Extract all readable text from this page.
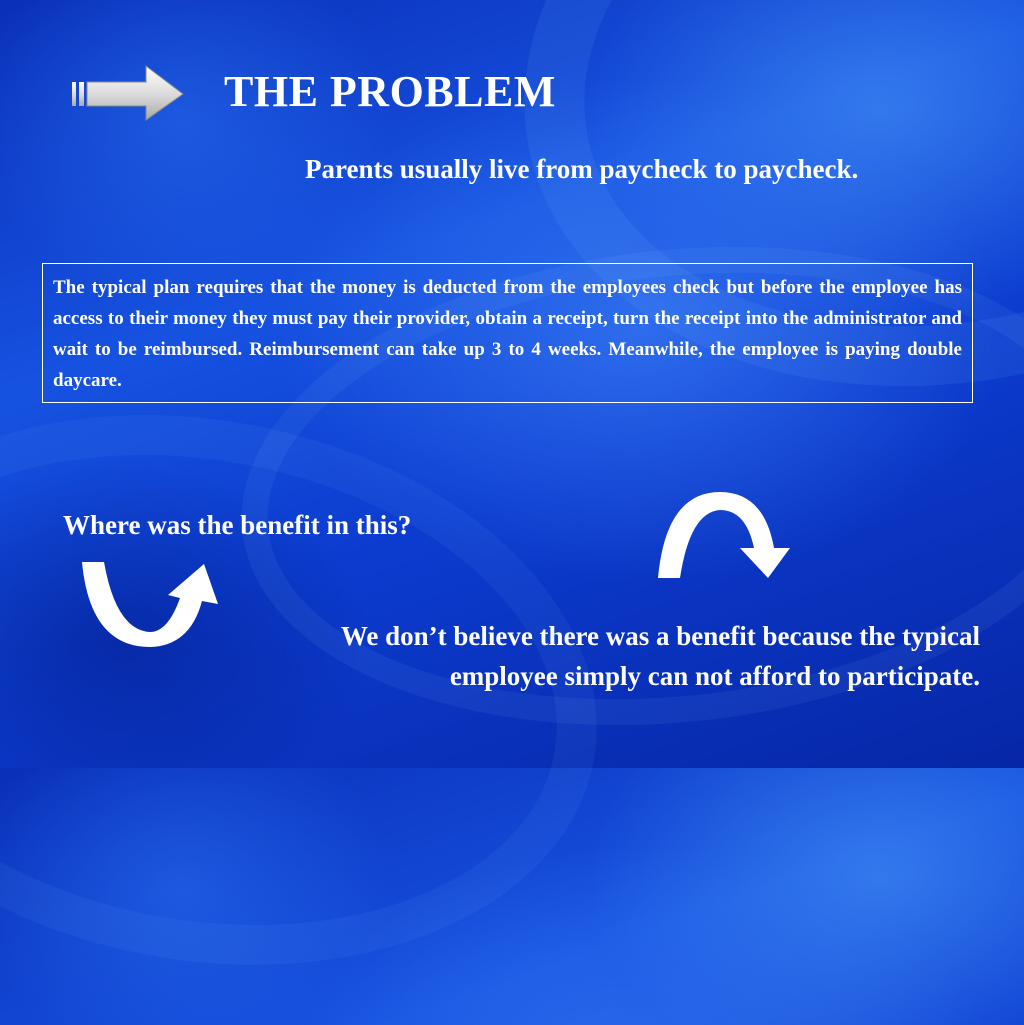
THE PROBLEM
Parents usually live from paycheck to paycheck.
The typical plan requires that the money is deducted from the employees check but before the employee has access to their money they must pay their provider, obtain a receipt, turn the receipt into the administrator and wait to be reimbursed. Reimbursement can take up 3 to 4 weeks. Meanwhile, the employee is paying double daycare.
Where was the benefit in this?
We don’t believe there was a benefit because the typical employee simply can not afford to participate.
